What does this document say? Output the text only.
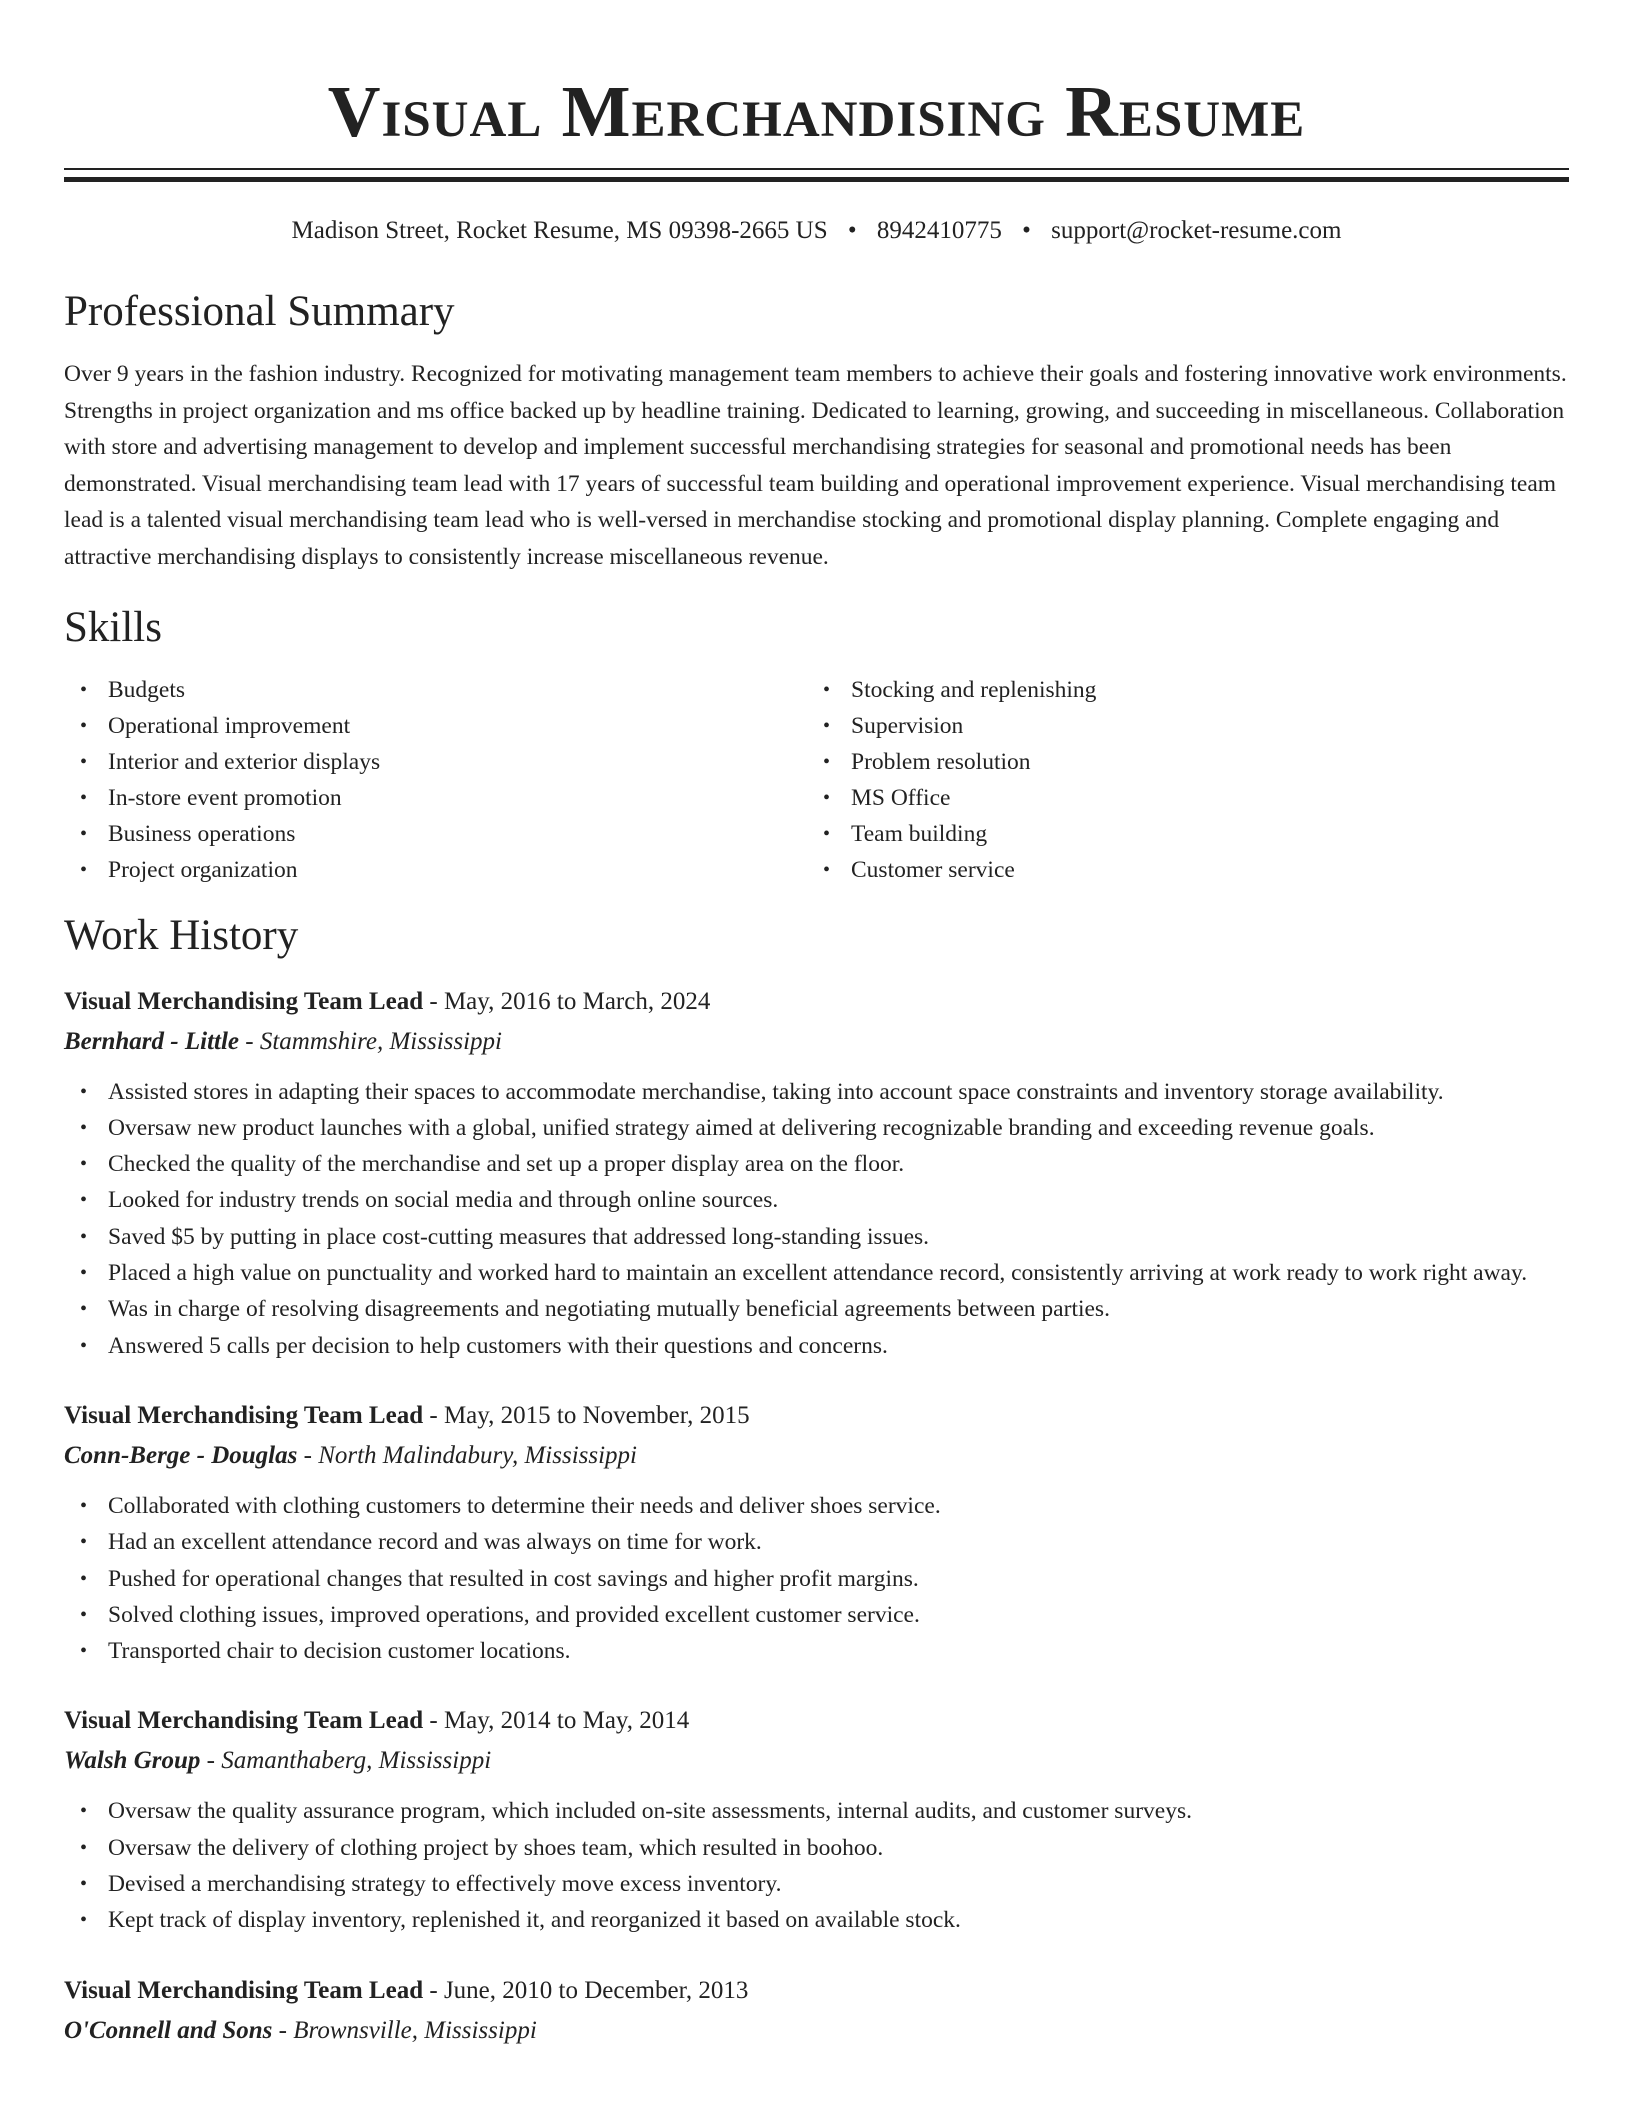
Visual Merchandising Resume
Madison Street, Rocket Resume, MS 09398-2665 US • 8942410775 • support@rocket-resume.com
Professional Summary
Over 9 years in the fashion industry. Recognized for motivating management team members to achieve their goals and fostering innovative work environments. Strengths in project organization and ms office backed up by headline training. Dedicated to learning, growing, and succeeding in miscellaneous. Collaboration with store and advertising management to develop and implement successful merchandising strategies for seasonal and promotional needs has been demonstrated. Visual merchandising team lead with 17 years of successful team building and operational improvement experience. Visual merchandising team lead is a talented visual merchandising team lead who is well-versed in merchandise stocking and promotional display planning. Complete engaging and attractive merchandising displays to consistently increase miscellaneous revenue.
Skills
• Budgets
• Operational improvement
• Interior and exterior displays
• In-store event promotion
• Business operations
• Project organization
• Stocking and replenishing
• Supervision
• Problem resolution
• MS Office
• Team building
• Customer service
Work History
Visual Merchandising Team Lead - May, 2016 to March, 2024
Bernhard - Little - Stammshire, Mississippi
• Assisted stores in adapting their spaces to accommodate merchandise, taking into account space constraints and inventory storage availability.
• Oversaw new product launches with a global, unified strategy aimed at delivering recognizable branding and exceeding revenue goals.
• Checked the quality of the merchandise and set up a proper display area on the floor.
• Looked for industry trends on social media and through online sources.
• Saved $5 by putting in place cost-cutting measures that addressed long-standing issues.
• Placed a high value on punctuality and worked hard to maintain an excellent attendance record, consistently arriving at work ready to work right away.
• Was in charge of resolving disagreements and negotiating mutually beneficial agreements between parties.
• Answered 5 calls per decision to help customers with their questions and concerns.
Visual Merchandising Team Lead - May, 2015 to November, 2015
Conn-Berge - Douglas - North Malindabury, Mississippi
• Collaborated with clothing customers to determine their needs and deliver shoes service.
• Had an excellent attendance record and was always on time for work.
• Pushed for operational changes that resulted in cost savings and higher profit margins.
• Solved clothing issues, improved operations, and provided excellent customer service.
• Transported chair to decision customer locations.
Visual Merchandising Team Lead - May, 2014 to May, 2014
Walsh Group - Samanthaberg, Mississippi
• Oversaw the quality assurance program, which included on-site assessments, internal audits, and customer surveys.
• Oversaw the delivery of clothing project by shoes team, which resulted in boohoo.
• Devised a merchandising strategy to effectively move excess inventory.
• Kept track of display inventory, replenished it, and reorganized it based on available stock.
Visual Merchandising Team Lead - June, 2010 to December, 2013
O'Connell and Sons - Brownsville, Mississippi
